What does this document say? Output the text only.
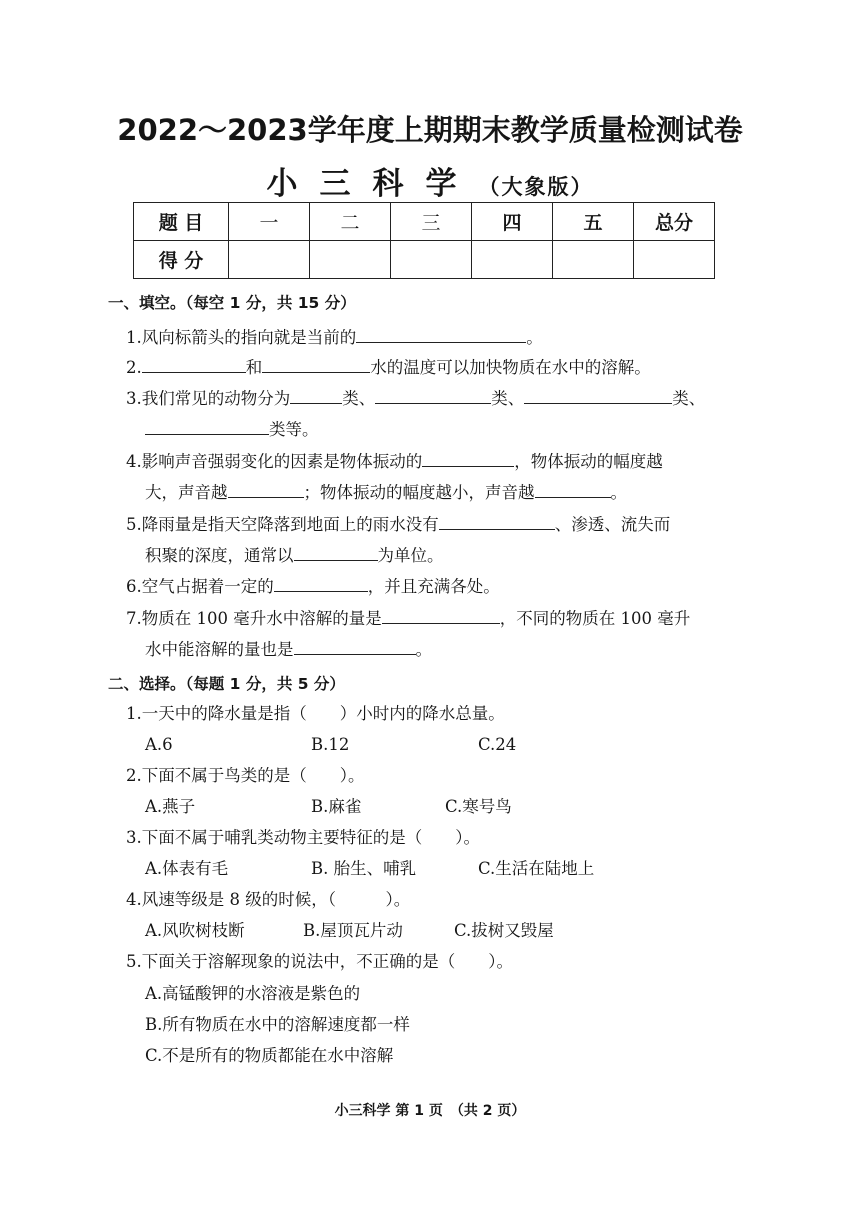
2022～2023学年度上期期末教学质量检测试卷
小三科学（大象版）
题 目	一	二	三	四	五	总分
得 分						
一、填空。（每空 1 分，共 15 分）
1.风向标箭头的指向就是当前的	。
2.	和	水的温度可以加快物质在水中的溶解。
3.我们常见的动物分为	类、	类、	类、
类等。
4.影响声音强弱变化的因素是物体振动的	，物体振动的幅度越
大，声音越	；物体振动的幅度越小，声音越	。
5.降雨量是指天空降落到地面上的雨水没有	、渗透、流失而
积聚的深度，通常以	为单位。
6.空气占据着一定的	，并且充满各处。
7.物质在 100 毫升水中溶解的量是	，不同的物质在 100 毫升
水中能溶解的量也是	。
二、选择。（每题 1 分，共 5 分）
1.一天中的降水量是指（　　）小时内的降水总量。
A.6	B.12	C.24
2.下面不属于鸟类的是（　　）。
A.燕子	B.麻雀	C.寒号鸟
3.下面不属于哺乳类动物主要特征的是（　　）。
A.体表有毛	B. 胎生、哺乳	C.生活在陆地上
4.风速等级是 8 级的时候，（　　　）。
A.风吹树枝断	B.屋顶瓦片动	C.拔树又毁屋
5.下面关于溶解现象的说法中，不正确的是（　　）。
A.高锰酸钾的水溶液是紫色的
B.所有物质在水中的溶解速度都一样
C.不是所有的物质都能在水中溶解
小三科学 第 1 页　（共 2 页）
